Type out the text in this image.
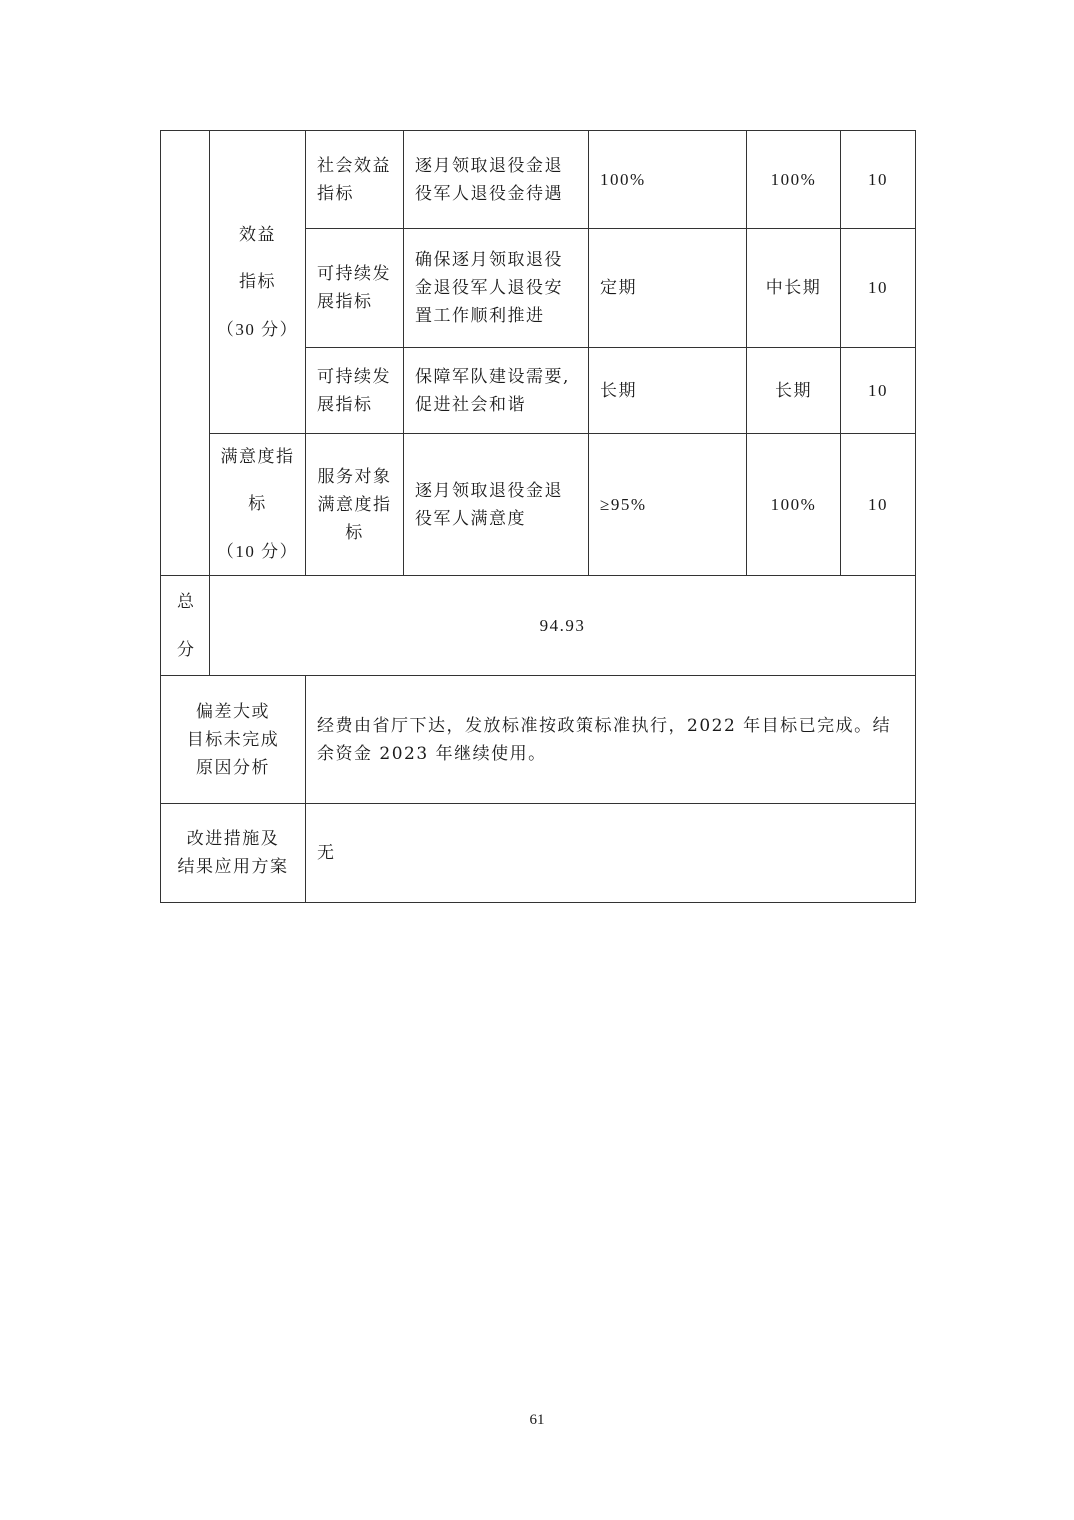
	效益
指标
（30 分）	社会效益
指标	逐月领取退役金退
役军人退役金待遇	100%	100%	10

		可持续发
展指标	确保逐月领取退役
金退役军人退役安
置工作顺利推进	定期	中长期	10

		可持续发
展指标	保障军队建设需要,
促进社会和谐	长期	长期	10

	满意度指
标
（10 分）	服务对象
满意度指
标	逐月领取退役金退
役军人满意度	≥95%	100%	10

总
分	94.93					

偏差大或
目标未完成
原因分析		经费由省厅下达，发放标准按政策标准执行，2022 年目标已完成。结余资金 2023 年继续使用。				

改进措施及
结果应用方案		无				
61
